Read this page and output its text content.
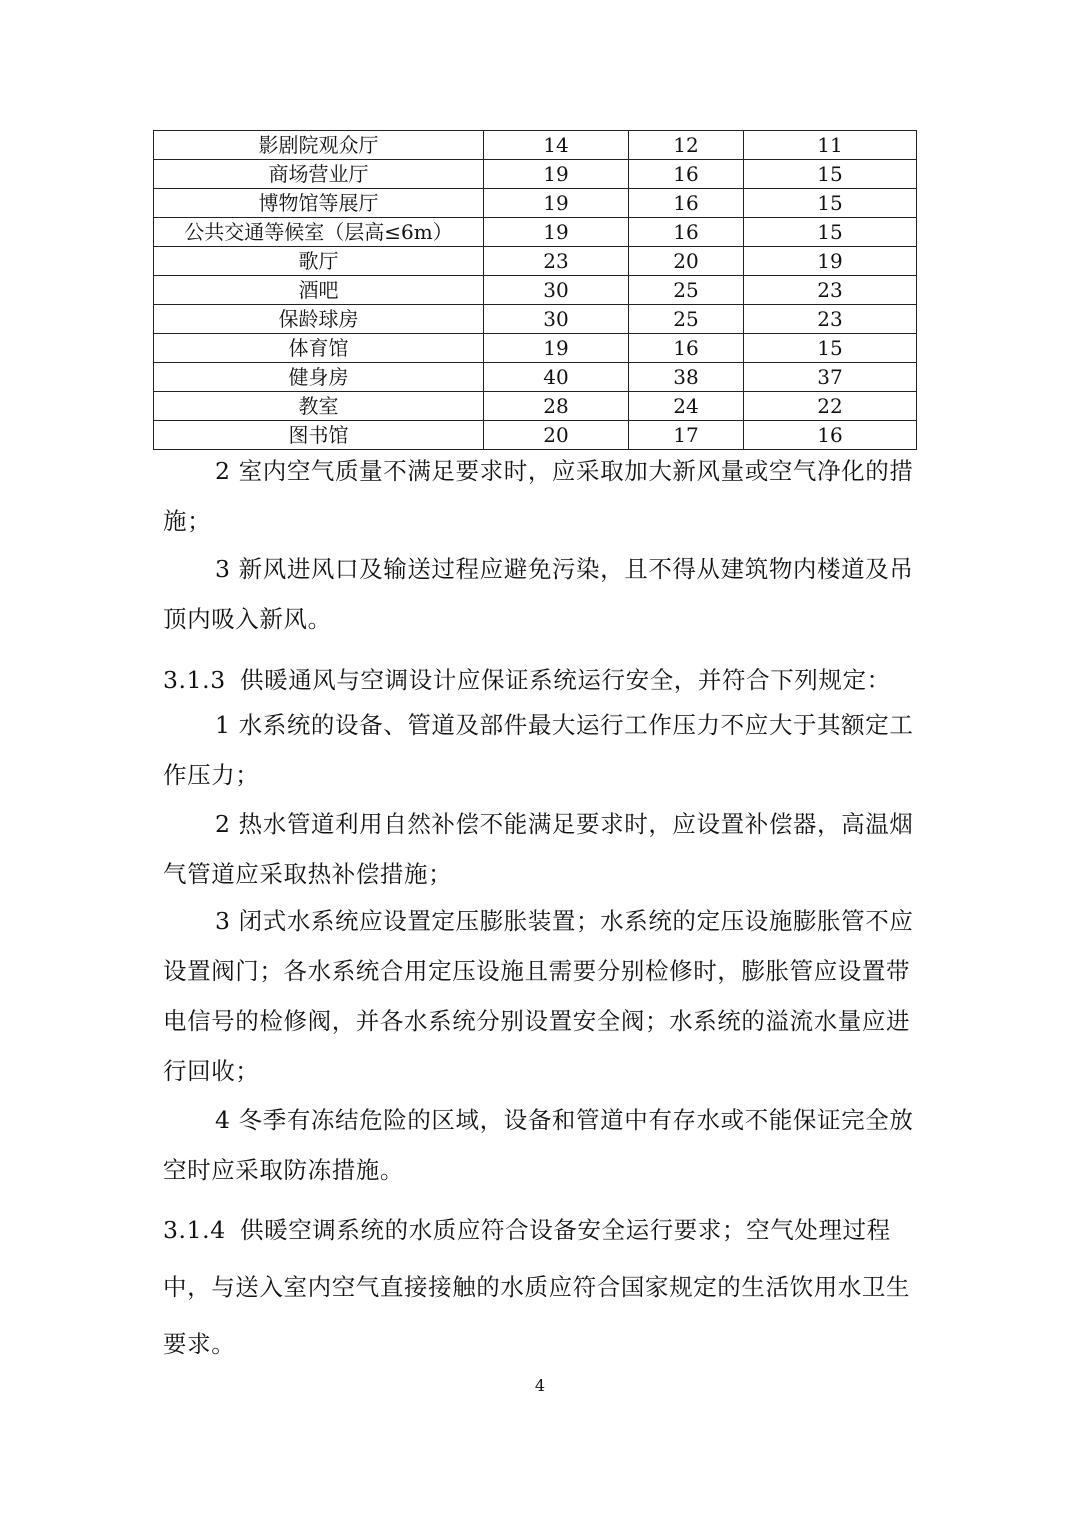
影剧院观众厅	14	12	11
商场营业厅	19	16	15
博物馆等展厅	19	16	15
公共交通等候室（层高≤6m）	19	16	15
歌厅	23	20	19
酒吧	30	25	23
保龄球房	30	25	23
体育馆	19	16	15
健身房	40	38	37
教室	28	24	22
图书馆	20	17	16

2 室内空气质量不满足要求时，应采取加大新风量或空气净化的措施；

3 新风进风口及输送过程应避免污染，且不得从建筑物内楼道及吊顶内吸入新风。

3.1.3 供暖通风与空调设计应保证系统运行安全，并符合下列规定：

1 水系统的设备、管道及部件最大运行工作压力不应大于其额定工作压力；

2 热水管道利用自然补偿不能满足要求时，应设置补偿器，高温烟气管道应采取热补偿措施；

3 闭式水系统应设置定压膨胀装置；水系统的定压设施膨胀管不应设置阀门；各水系统合用定压设施且需要分别检修时，膨胀管应设置带电信号的检修阀，并各水系统分别设置安全阀；水系统的溢流水量应进行回收；

4 冬季有冻结危险的区域，设备和管道中有存水或不能保证完全放空时应采取防冻措施。

3.1.4 供暖空调系统的水质应符合设备安全运行要求；空气处理过程中，与送入室内空气直接接触的水质应符合国家规定的生活饮用水卫生要求。

4
